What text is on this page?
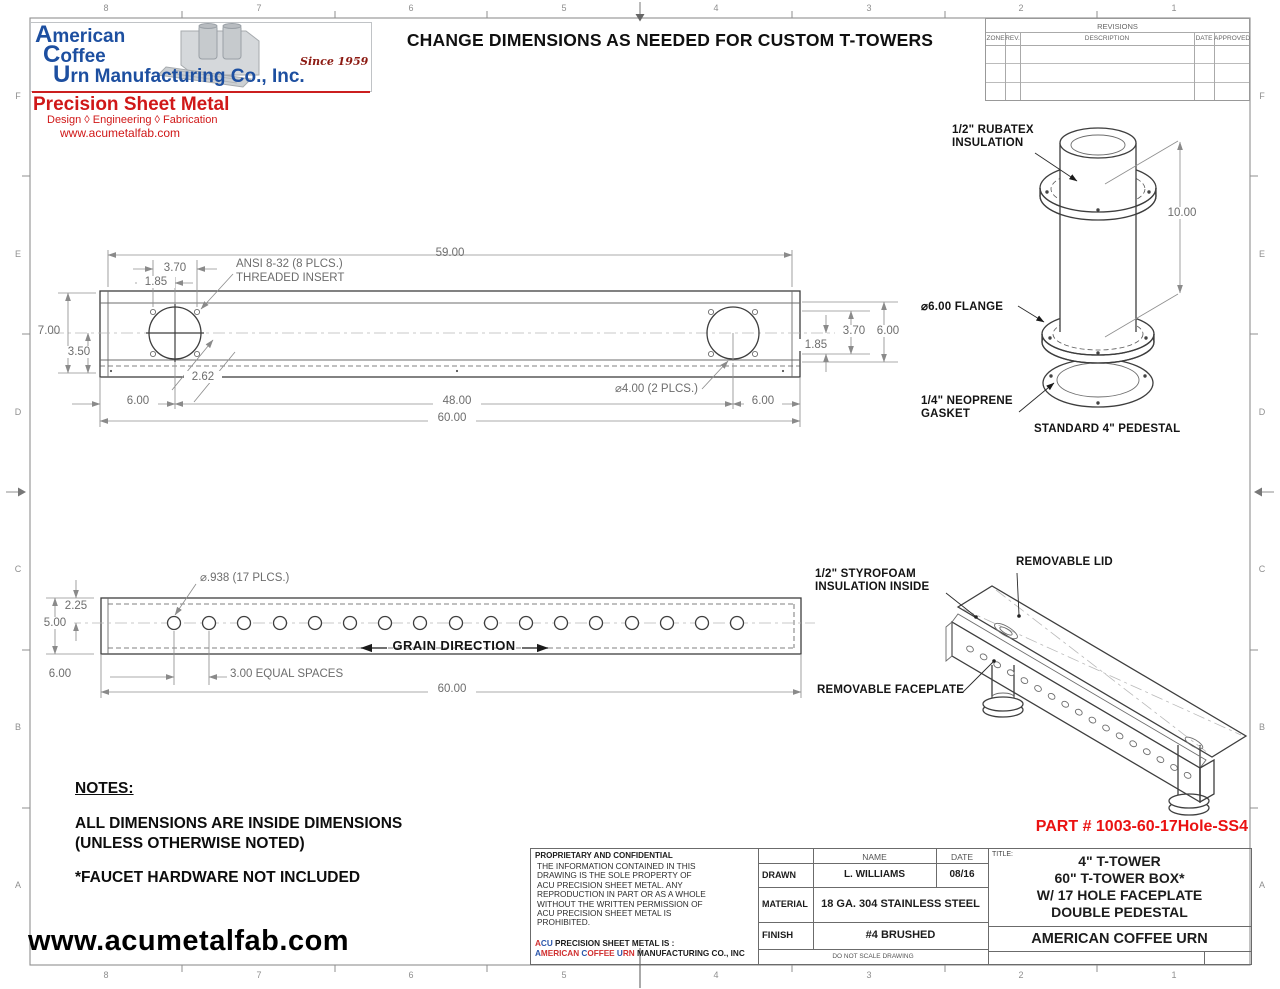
8	7	6	5	4	3	2	1
8	7	6	5	4	3	2	1
F
E
D
C
B
A
F
E
D
C
B
A
American
Coffee
Urn Manufacturing Co., Inc.
Since 1959
Precision Sheet Metal
Design ◊ Engineering ◊ Fabrication
www.acumetalfab.com
CHANGE DIMENSIONS AS NEEDED FOR CUSTOM T-TOWERS
REVISIONS
ZONE REV.	DESCRIPTION	DATE APPROVED
59.00
3.70
1.85
ANSI 8-32 (8 PLCS.)
THREADED INSERT
7.00
3.50
2.62
6.00	48.00
60.00
6.00
⌀4.00 (2 PLCS.)
3.70	6.00
1.85
1/2" RUBATEX
INSULATION
10.00
⌀6.00 FLANGE
1/4" NEOPRENE
GASKET
STANDARD 4" PEDESTAL
⌀.938 (17 PLCS.)
2.25
5.00
GRAIN DIRECTION
6.00	3.00 EQUAL SPACES
60.00
REMOVABLE LID
1/2" STYROFOAM
INSULATION INSIDE
REMOVABLE FACEPLATE
NOTES:
ALL DIMENSIONS ARE INSIDE DIMENSIONS
(UNLESS OTHERWISE NOTED)
*FAUCET HARDWARE NOT INCLUDED
PART # 1003-60-17Hole-SS4
www.acumetalfab.com
PROPRIETARY AND CONFIDENTIAL
THE INFORMATION CONTAINED IN THIS
DRAWING IS THE SOLE PROPERTY OF
ACU PRECISION SHEET METAL. ANY
REPRODUCTION IN PART OR AS A WHOLE
WITHOUT THE WRITTEN PERMISSION OF
ACU PRECISION SHEET METAL IS
PROHIBITED.
ACU PRECISION SHEET METAL IS :
AMERICAN COFFEE URN MANUFACTURING CO., INC
NAME	DATE
DRAWN	L. WILLIAMS	08/16
MATERIAL	18 GA. 304 STAINLESS STEEL
FINISH	#4 BRUSHED
DO NOT SCALE DRAWING
TITLE:	4" T-TOWER
60" T-TOWER BOX*
W/ 17 HOLE FACEPLATE
DOUBLE PEDESTAL
AMERICAN COFFEE URN
